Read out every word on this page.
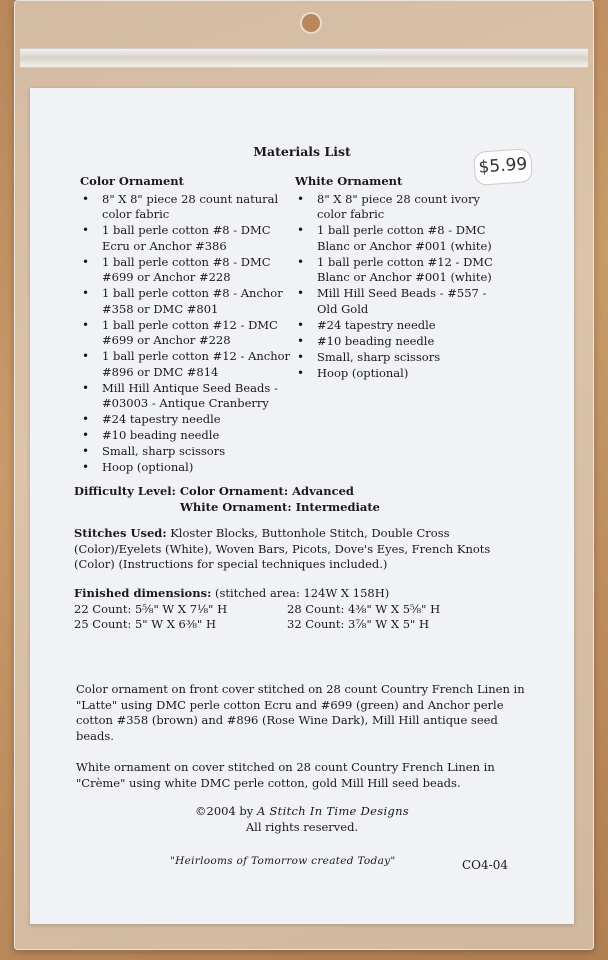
Materials List
$5.99
Color Ornament
• 8" X 8" piece 28 count natural color fabric
• 1 ball perle cotton #8 - DMC Ecru or Anchor #386
• 1 ball perle cotton #8 - DMC #699 or Anchor #228
• 1 ball perle cotton #8 - Anchor #358 or DMC #801
• 1 ball perle cotton #12 - DMC #699 or Anchor #228
• 1 ball perle cotton #12 - Anchor #896 or DMC #814
• Mill Hill Antique Seed Beads - #03003 - Antique Cranberry
• #24 tapestry needle
• #10 beading needle
• Small, sharp scissors
• Hoop (optional)
White Ornament
• 8" X 8" piece 28 count ivory color fabric
• 1 ball perle cotton #8 - DMC Blanc or Anchor #001 (white)
• 1 ball perle cotton #12 - DMC Blanc or Anchor #001 (white)
• Mill Hill Seed Beads - #557 - Old Gold
• #24 tapestry needle
• #10 beading needle
• Small, sharp scissors
• Hoop (optional)
Difficulty Level: Color Ornament: Advanced
White Ornament: Intermediate
Stitches Used: Kloster Blocks, Buttonhole Stitch, Double Cross (Color)/Eyelets (White), Woven Bars, Picots, Dove's Eyes, French Knots (Color) (Instructions for special techniques included.)
Finished dimensions: (stitched area: 124W X 158H)
22 Count: 5⅝" W X 7⅛" H	28 Count: 4⅜" W X 5⅝" H
25 Count: 5" W X 6⅜" H	32 Count: 3⅞" W X 5" H

Color ornament on front cover stitched on 28 count Country French Linen in "Latte" using DMC perle cotton Ecru and #699 (green) and Anchor perle cotton #358 (brown) and #896 (Rose Wine Dark), Mill Hill antique seed beads.

White ornament on cover stitched on 28 count Country French Linen in "Crème" using white DMC perle cotton, gold Mill Hill seed beads.

©2004 by A Stitch In Time Designs
All rights reserved.
"Heirlooms of Tomorrow created Today"	CO4-04
